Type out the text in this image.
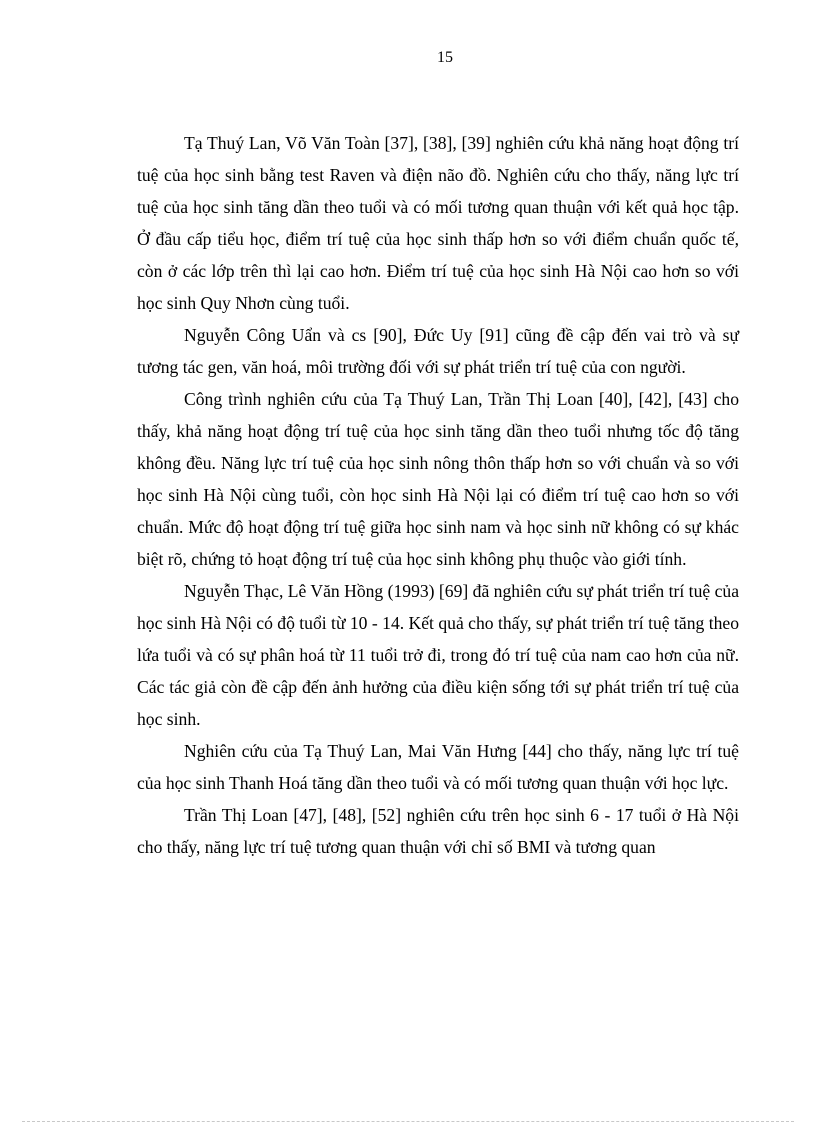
15

Tạ Thuý Lan, Võ Văn Toàn [37], [38], [39] nghiên cứu khả năng hoạt động trí tuệ của học sinh bằng test Raven và điện não đồ. Nghiên cứu cho thấy, năng lực trí tuệ của học sinh tăng dần theo tuổi và có mối tương quan thuận với kết quả học tập. Ở đầu cấp tiểu học, điểm trí tuệ của học sinh thấp hơn so với điểm chuẩn quốc tế, còn ở các lớp trên thì lại cao hơn. Điểm trí tuệ của học sinh Hà Nội cao hơn so với học sinh Quy Nhơn cùng tuổi.

Nguyễn Công Uẩn và cs [90], Đức Uy [91] cũng đề cập đến vai trò và sự tương tác gen, văn hoá, môi trường đối với sự phát triển trí tuệ của con người.

Công trình nghiên cứu của Tạ Thuý Lan, Trần Thị Loan [40], [42], [43] cho thấy, khả năng hoạt động trí tuệ của học sinh tăng dần theo tuổi nhưng tốc độ tăng không đều. Năng lực trí tuệ của học sinh nông thôn thấp hơn so với chuẩn và so với học sinh Hà Nội cùng tuổi, còn học sinh Hà Nội lại có điểm trí tuệ cao hơn so với chuẩn. Mức độ hoạt động trí tuệ giữa học sinh nam và học sinh nữ không có sự khác biệt rõ, chứng tỏ hoạt động trí tuệ của học sinh không phụ thuộc vào giới tính.

Nguyễn Thạc, Lê Văn Hồng (1993) [69] đã nghiên cứu sự phát triển trí tuệ của học sinh Hà Nội có độ tuổi từ 10 - 14. Kết quả cho thấy, sự phát triển trí tuệ tăng theo lứa tuổi và có sự phân hoá từ 11 tuổi trở đi, trong đó trí tuệ của nam cao hơn của nữ. Các tác giả còn đề cập đến ảnh hưởng của điều kiện sống tới sự phát triển trí tuệ của học sinh.

Nghiên cứu của Tạ Thuý Lan, Mai Văn Hưng [44] cho thấy, năng lực trí tuệ của học sinh Thanh Hoá tăng dần theo tuổi và có mối tương quan thuận với học lực.

Trần Thị Loan [47], [48], [52] nghiên cứu trên học sinh 6 - 17 tuổi ở Hà Nội cho thấy, năng lực trí tuệ tương quan thuận với chỉ số BMI và tương quan
